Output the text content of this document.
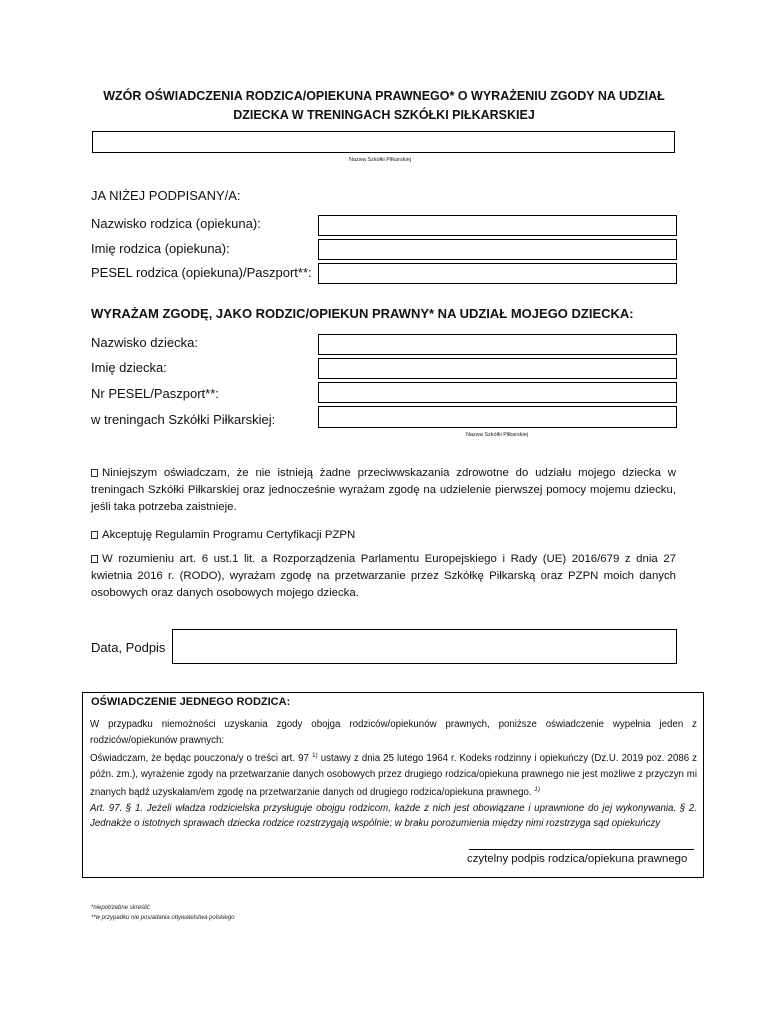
WZÓR OŚWIADCZENIA RODZICA/OPIEKUNA PRAWNEGO* O WYRAŻENIU ZGODY NA UDZIAŁ
DZIECKA W TRENINGACH SZKÓŁKI PIŁKARSKIEJ
Nazwa Szkółki Piłkarskiej
JA NIŻEJ PODPISANY/A:
Nazwisko rodzica (opiekuna):
Imię rodzica (opiekuna):
PESEL rodzica (opiekuna)/Paszport**:
WYRAŻAM ZGODĘ, JAKO RODZIC/OPIEKUN PRAWNY* NA UDZIAŁ MOJEGO DZIECKA:
Nazwisko dziecka:
Imię dziecka:
Nr PESEL/Paszport**:
w treningach Szkółki Piłkarskiej:
Nazwa Szkółki Piłkarskiej
Niniejszym oświadczam, że nie istnieją żadne przeciwwskazania zdrowotne do udziału mojego dziecka w treningach Szkółki Piłkarskiej oraz jednocześnie wyrażam zgodę na udzielenie pierwszej pomocy mojemu dziecku, jeśli taka potrzeba zaistnieje.
Akceptuję Regulamin Programu Certyfikacji PZPN
W rozumieniu art. 6 ust.1 lit. a Rozporządzenia Parlamentu Europejskiego i Rady (UE) 2016/679 z dnia 27 kwietnia 2016 r. (RODO), wyrażam zgodę na przetwarzanie przez Szkółkę Piłkarską oraz PZPN moich danych osobowych oraz danych osobowych mojego dziecka.
Data, Podpis
OŚWIADCZENIE JEDNEGO RODZICA:
W przypadku niemożności uzyskania zgody obojga rodziców/opiekunów prawnych, poniższe oświadczenie wypełnia jeden z rodziców/opiekunów prawnych:
Oświadczam, że będąc pouczona/y o treści art. 97 $^{1)}$ ustawy z dnia 25 lutego 1964 r. Kodeks rodzinny i opiekuńczy (Dz.U. 2019 poz. 2086 z późn. zm.), wyrażenie zgody na przetwarzanie danych osobowych przez drugiego rodzica/opiekuna prawnego nie jest możliwe z przyczyn mi znanych bądź uzyskałam/em zgodę na przetwarzanie danych od drugiego rodzica/opiekuna prawnego. $^{1)}$
Art. 97. § 1. Jeżeli władza rodzicielska przysługuje obojgu rodzicom, każde z nich jest obowiązane i uprawnione do jej wykonywania. § 2. Jednakże o istotnych sprawach dziecka rodzice rozstrzygają wspólnie; w braku porozumienia między nimi rozstrzyga sąd opiekuńczy
czytelny podpis rodzica/opiekuna prawnego
*niepotrzebne skreślić
**w przypadku nie posiadania obywatelstwa polskiego
